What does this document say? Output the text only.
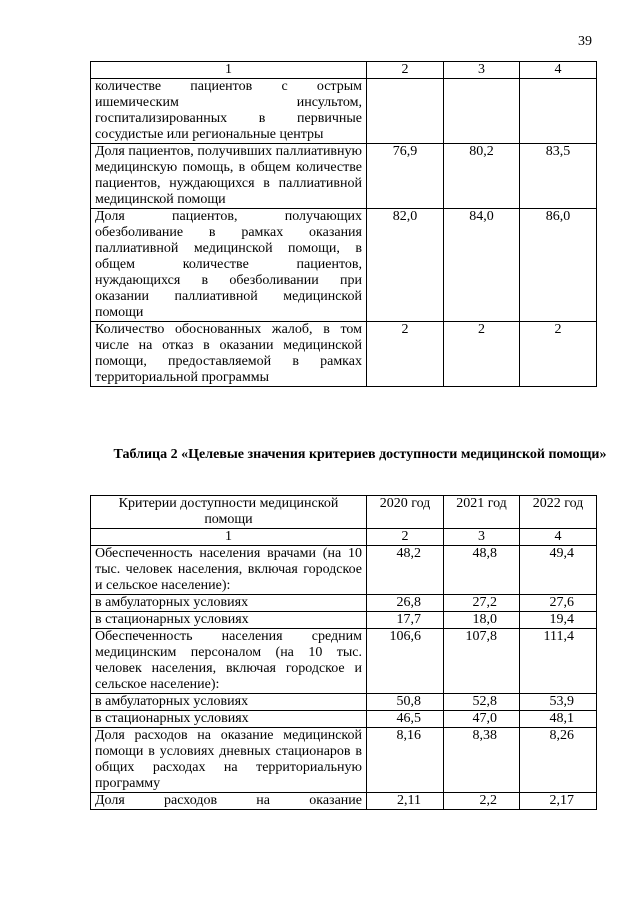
39
1	2	3	4
количестве пациентов с острым ишемическим инсультом, госпитализированных в первичные сосудистые или региональные центры			
Доля пациентов, получивших паллиативную медицинскую помощь, в общем количестве пациентов, нуждающихся в паллиативной медицинской помощи	76,9	80,2	83,5
Доля пациентов, получающих обезболивание в рамках оказания паллиативной медицинской помощи, в общем количестве пациентов, нуждающихся в обезболивании при оказании паллиативной медицинской помощи	82,0	84,0	86,0
Количество обоснованных жалоб, в том числе на отказ в оказании медицинской помощи, предоставляемой в рамках территориальной программы	2	2	2
Таблица 2 «Целевые значения критериев доступности медицинской помощи»
Критерии доступности медицинской помощи	2020 год	2021 год	2022 год
1	2	3	4
Обеспеченность населения врачами (на 10 тыс. человек населения, включая городское и сельское население):	48,2	48,8	49,4
в амбулаторных условиях	26,8	27,2	27,6
в стационарных условиях	17,7	18,0	19,4
Обеспеченность населения средним медицинским персоналом (на 10 тыс. человек населения, включая городское и сельское население):	106,6	107,8	111,4
в амбулаторных условиях	50,8	52,8	53,9
в стационарных условиях	46,5	47,0	48,1
Доля расходов на оказание медицинской помощи в условиях дневных стационаров в общих расходах на территориальную программу	8,16	8,38	8,26
Доля расходов на оказание	2,11	2,2	2,17
